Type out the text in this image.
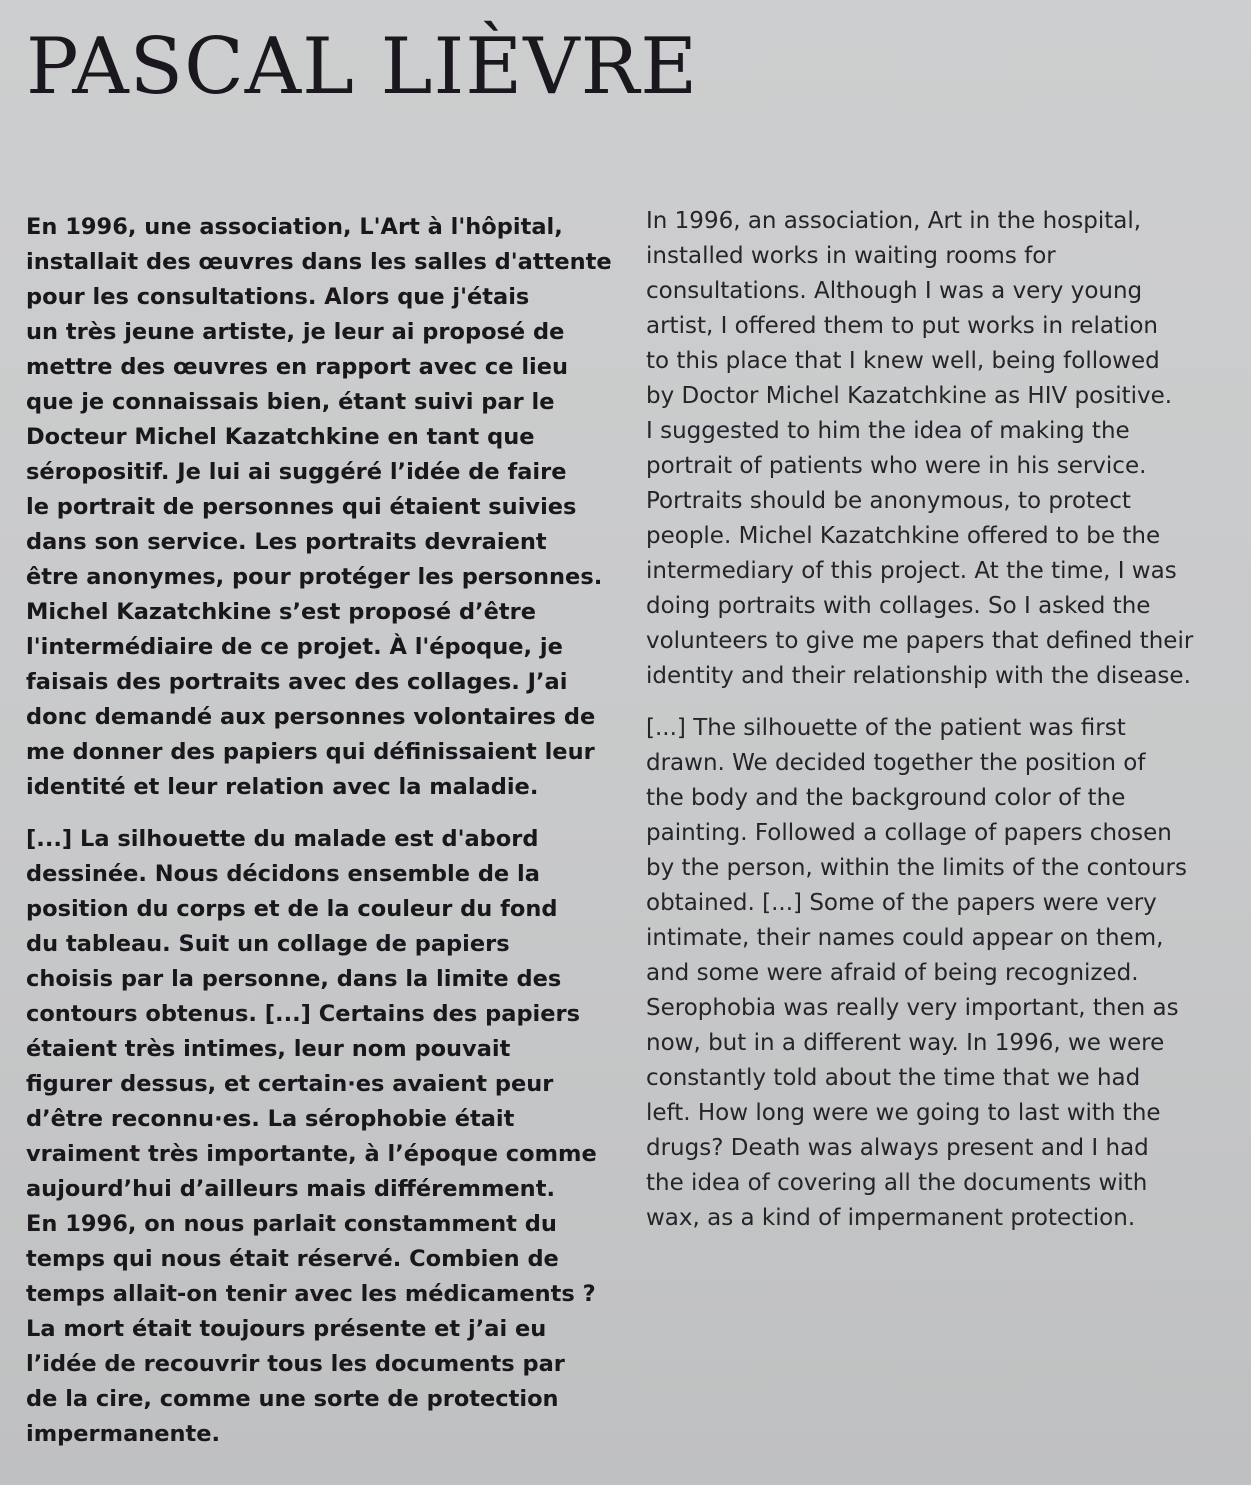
PASCAL LIÈVRE
En 1996, une association, L'Art à l'hôpital,
installait des œuvres dans les salles d'attente
pour les consultations. Alors que j'étais
un très jeune artiste, je leur ai proposé de
mettre des œuvres en rapport avec ce lieu
que je connaissais bien, étant suivi par le
Docteur Michel Kazatchkine en tant que
séropositif. Je lui ai suggéré l’idée de faire
le portrait de personnes qui étaient suivies
dans son service. Les portraits devraient
être anonymes, pour protéger les personnes.
Michel Kazatchkine s’est proposé d’être
l'intermédiaire de ce projet. À l'époque, je
faisais des portraits avec des collages. J’ai
donc demandé aux personnes volontaires de
me donner des papiers qui définissaient leur
identité et leur relation avec la maladie.
[...] La silhouette du malade est d'abord
dessinée. Nous décidons ensemble de la
position du corps et de la couleur du fond
du tableau. Suit un collage de papiers
choisis par la personne, dans la limite des
contours obtenus. [...] Certains des papiers
étaient très intimes, leur nom pouvait
figurer dessus, et certain·es avaient peur
d’être reconnu·es. La sérophobie était
vraiment très importante, à l’époque comme
aujourd’hui d’ailleurs mais différemment.
En 1996, on nous parlait constamment du
temps qui nous était réservé. Combien de
temps allait-on tenir avec les médicaments ?
La mort était toujours présente et j’ai eu
l’idée de recouvrir tous les documents par
de la cire, comme une sorte de protection
impermanente.
In 1996, an association, Art in the hospital,
installed works in waiting rooms for
consultations. Although I was a very young
artist, I offered them to put works in relation
to this place that I knew well, being followed
by Doctor Michel Kazatchkine as HIV positive.
I suggested to him the idea of making the
portrait of patients who were in his service.
Portraits should be anonymous, to protect
people. Michel Kazatchkine offered to be the
intermediary of this project. At the time, I was
doing portraits with collages. So I asked the
volunteers to give me papers that defined their
identity and their relationship with the disease.
[...] The silhouette of the patient was first
drawn. We decided together the position of
the body and the background color of the
painting. Followed a collage of papers chosen
by the person, within the limits of the contours
obtained. [...] Some of the papers were very
intimate, their names could appear on them,
and some were afraid of being recognized.
Serophobia was really very important, then as
now, but in a different way. In 1996, we were
constantly told about the time that we had
left. How long were we going to last with the
drugs? Death was always present and I had
the idea of covering all the documents with
wax, as a kind of impermanent protection.
